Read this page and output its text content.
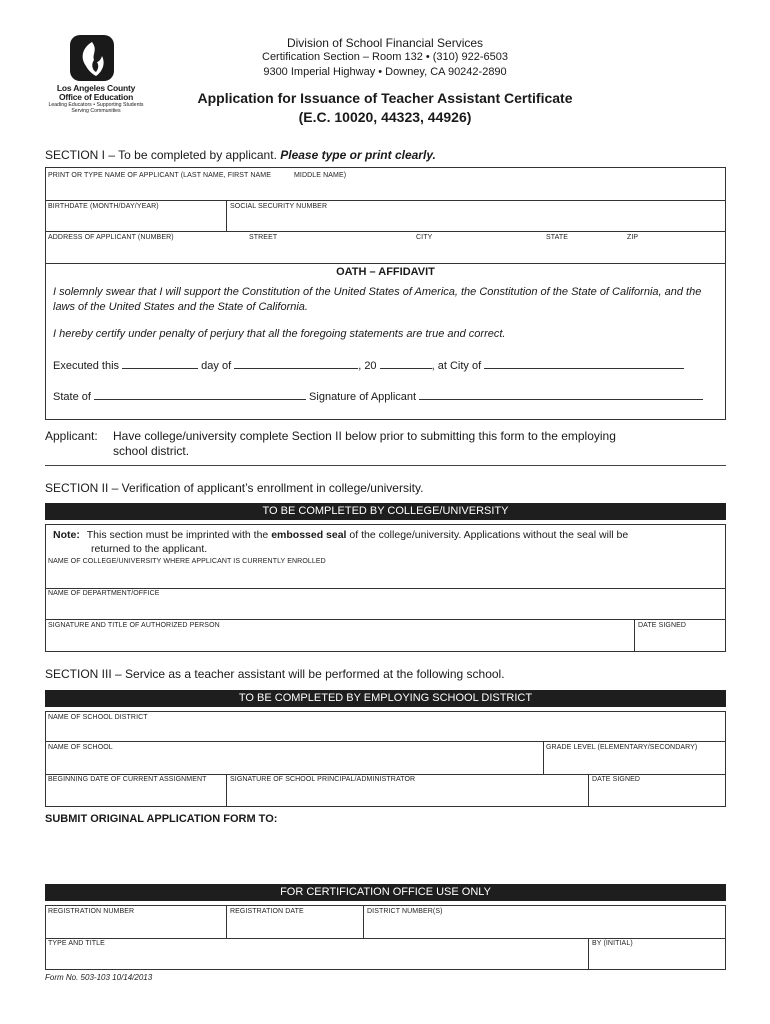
Los Angeles County
Office of Education
Leading Educators • Supporting Students
Serving Communities
Division of School Financial Services
Certification Section – Room 132 • (310) 922-6503
9300 Imperial Highway • Downey, CA 90242-2890
Application for Issuance of Teacher Assistant Certificate
(E.C. 10020, 44323, 44926)
SECTION I – To be completed by applicant. Please type or print clearly.
PRINT OR TYPE NAME OF APPLICANT (LAST NAME, FIRST NAME	MIDDLE NAME)
BIRTHDATE (MONTH/DAY/YEAR)	SOCIAL SECURITY NUMBER
ADDRESS OF APPLICANT (NUMBER)	STREET	CITY	STATE	ZIP
OATH – AFFIDAVIT
I solemnly swear that I will support the Constitution of the United States of America, the Constitution of the State of California, and the laws of the United States and the State of California.
I hereby certify under penalty of perjury that all the foregoing statements are true and correct.
Executed this	day of	, 20	, at City of
State of	Signature of Applicant
Applicant: Have college/university complete Section II below prior to submitting this form to the employing
school district.
SECTION II – Verification of applicant’s enrollment in college/university.
TO BE COMPLETED BY COLLEGE/UNIVERSITY
Note: This section must be imprinted with the embossed seal of the college/university. Applications without the seal will be
returned to the applicant.
NAME OF COLLEGE/UNIVERSITY WHERE APPLICANT IS CURRENTLY ENROLLED
NAME OF DEPARTMENT/OFFICE
SIGNATURE AND TITLE OF AUTHORIZED PERSON	DATE SIGNED
SECTION III – Service as a teacher assistant will be performed at the following school.
TO BE COMPLETED BY EMPLOYING SCHOOL DISTRICT
NAME OF SCHOOL DISTRICT
NAME OF SCHOOL	GRADE LEVEL (ELEMENTARY/SECONDARY)
BEGINNING DATE OF CURRENT ASSIGNMENT	SIGNATURE OF SCHOOL PRINCIPAL/ADMINISTRATOR	DATE SIGNED
SUBMIT ORIGINAL APPLICATION FORM TO:
FOR CERTIFICATION OFFICE USE ONLY
REGISTRATION NUMBER	REGISTRATION DATE	DISTRICT NUMBER(S)
TYPE AND TITLE	BY (INITIAL)
Form No. 503-103 10/14/2013
